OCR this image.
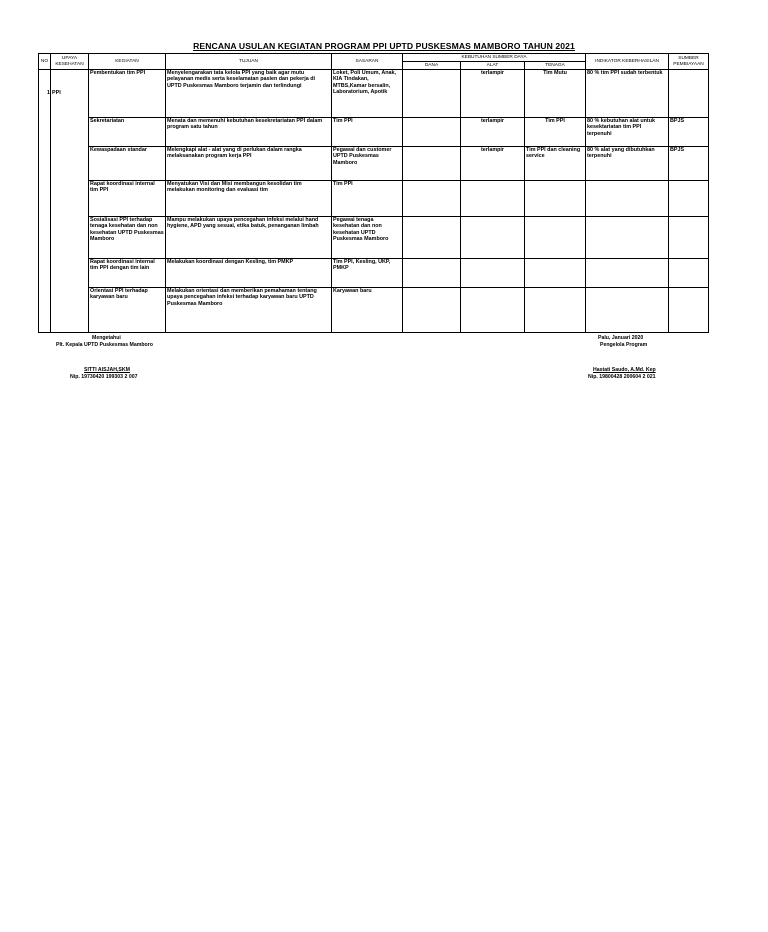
RENCANA USULAN KEGIATAN PROGRAM PPI UPTD PUSKESMAS MAMBORO TAHUN 2021
NO	UPAYA KESEHATAN	KEGIATAN	TUJUAN	SASARAN	KEBUTUHAN SUMBER DAYA			INDIKATOR KEBERHASILAN	SUMBER PEMBIAYAAN
					DANA	ALAT	TENAGA		

1	PPI	Pembentukan tim PPI	Menyelengarakan tata kelola PPI yang baik agar mutu pelayanan medis serta keselamatan pasien dan pekerja di UPTD Puskesmas Mamboro terjamin dan terlindungi	Loket, Poli Umum, Anak, KIA Tindakan, MTBS,Kamar bersalin, Laboratorium, Apotik		terlampir	Tim Mutu	80 % tim PPI sudah terbentuk	
		Sekretariatan	Menata dan memenuhi kebutuhan kesekretariatan PPI dalam program satu tahun	Tim PPI		terlampir	Tim PPI	80 % kebutuhan alat untuk kesektariatan tim PPI terpenuhi	BPJS
		Kewaspadaan standar	Melengkapi alat - alat yang di perlukan dalam rangka melaksanakan program kerja PPI	Pegawai dan customer UPTD Puskesmas Mamboro		terlampir	Tim PPI dan cleaning service	80 % alat yang dibutuhkan terpenuhi	BPJS
		Rapat koordinasi internal tim PPI	Menyatukan Visi dan Misi membangun kesolidan tim melakukan monitoring dan evaluasi tim	Tim PPI					
		Sosialisasi PPI terhadap tenaga kesehatan dan non kesehatan UPTD Puskesmas Mamboro	Mampu melakukan upaya pencegahan infeksi melalui hand hygiene, APD yang sesuai, etika batuk, penanganan limbah	Pegawai tenaga kesehatan dan non kesehatan UPTD Puskesmas Mamboro					
		Rapat koordinasi internal tim PPI dengan tim lain	Melakukan koordinasi dengan Kesling, tim PMKP	Tim PPI, Kesling, UKP, PMKP					
		Orientasi PPI terhadap karyawan baru	Melakukan orientasi dan memberikan pemahaman tentang upaya pencegahan infeksi terhadap karyawan baru UPTD Puskesmas Mamboro	Karyawan baru					
Mengetahui
Plt. Kepala UPTD Puskesmas Mamboro
SITTI AISJAH,SKM
Nip. 19730420 199303 2 007
Palu, Januari 2020
Pengelola Program
Hastati Saudo, A.Md. Kep
Nip. 19800428 200604 2 021
